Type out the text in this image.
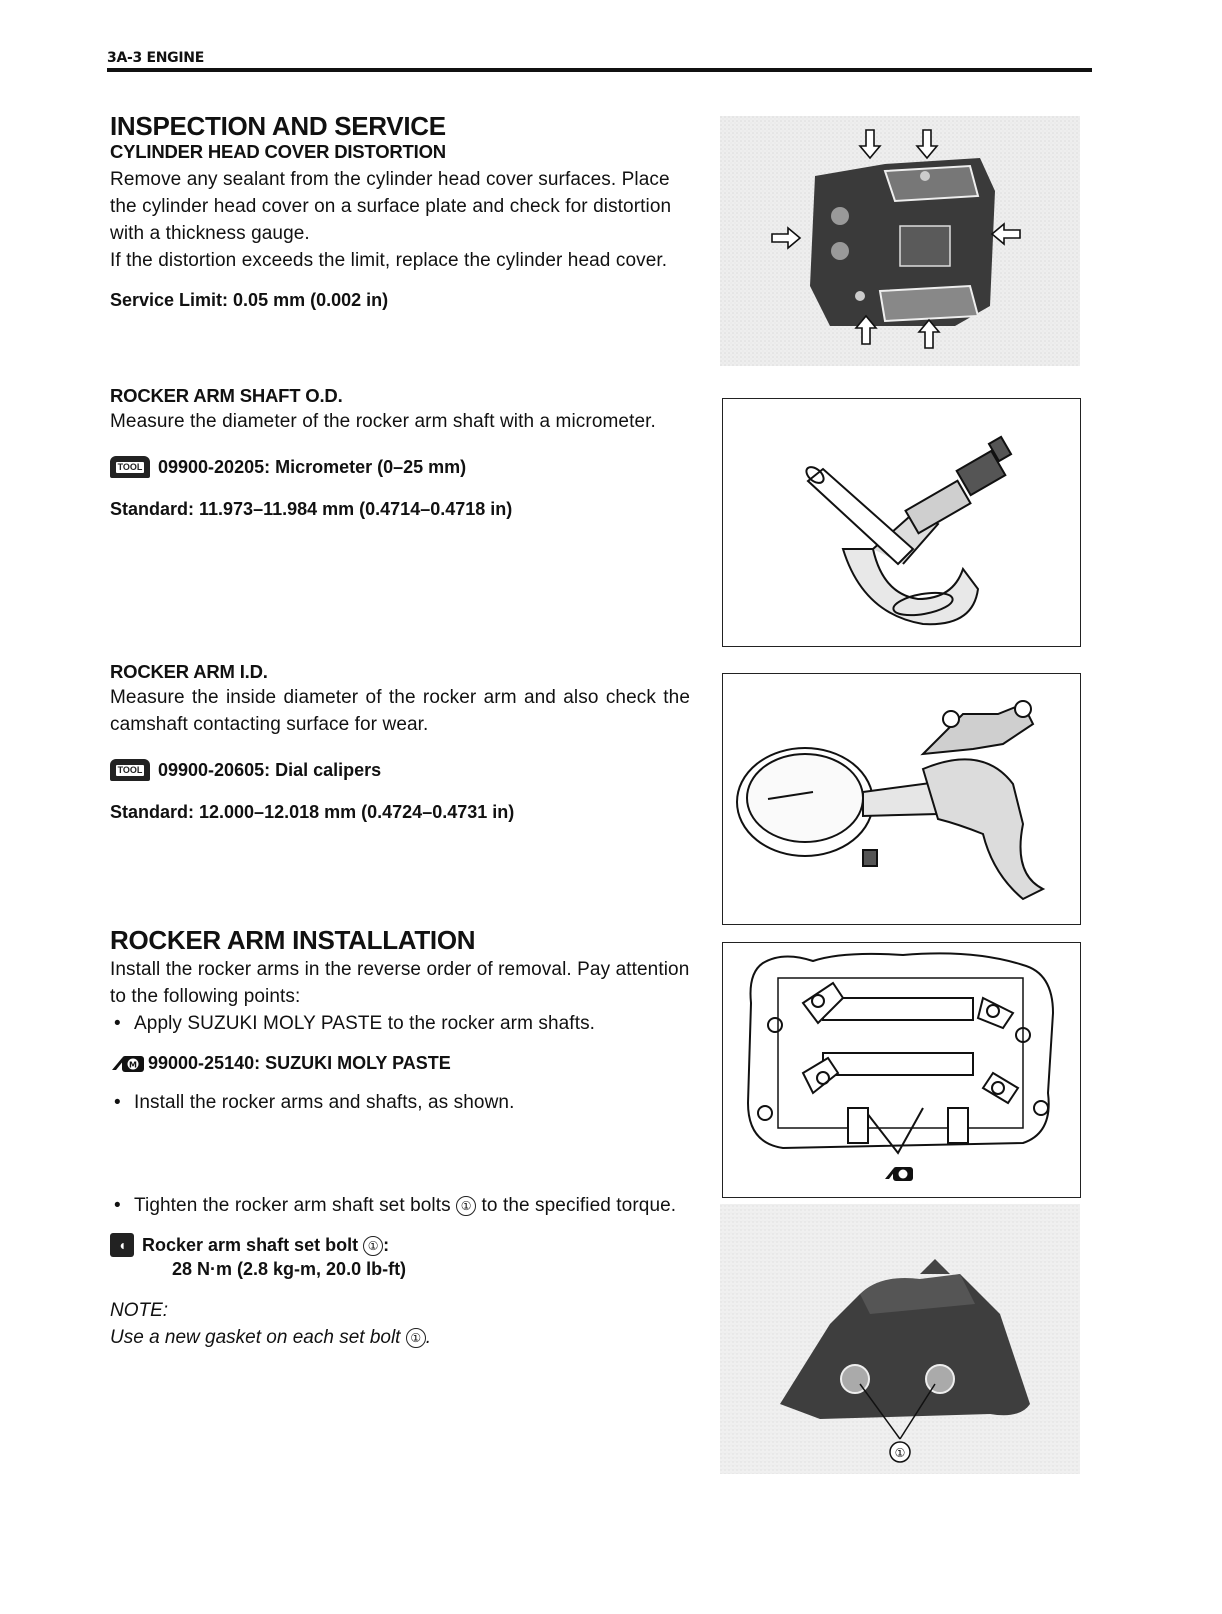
3A-3 ENGINE
INSPECTION AND SERVICE
CYLINDER HEAD COVER DISTORTION
Remove any sealant from the cylinder head cover surfaces. Place the cylinder head cover on a surface plate and check for distortion with a thickness gauge.
If the distortion exceeds the limit, replace the cylinder head cover.
Service Limit: 0.05 mm (0.002 in)
ROCKER ARM SHAFT O.D.
Measure the diameter of the rocker arm shaft with a micrometer.
TOOL 09900-20205: Micrometer (0–25 mm)
Standard: 11.973–11.984 mm (0.4714–0.4718 in)
ROCKER ARM I.D.
Measure the inside diameter of the rocker arm and also check the camshaft contacting surface for wear.
TOOL 09900-20605: Dial calipers
Standard: 12.000–12.018 mm (0.4724–0.4731 in)
ROCKER ARM INSTALLATION
Install the rocker arms in the reverse order of removal. Pay attention to the following points:
• Apply SUZUKI MOLY PASTE to the rocker arm shafts.
M 99000-25140: SUZUKI MOLY PASTE
• Install the rocker arms and shafts, as shown.
• Tighten the rocker arm shaft set bolts ① to the specified torque.
◖ Rocker arm shaft set bolt ① :
28 N·m (2.8 kg-m, 20.0 lb-ft)
NOTE:
Use a new gasket on each set bolt ① .
①
